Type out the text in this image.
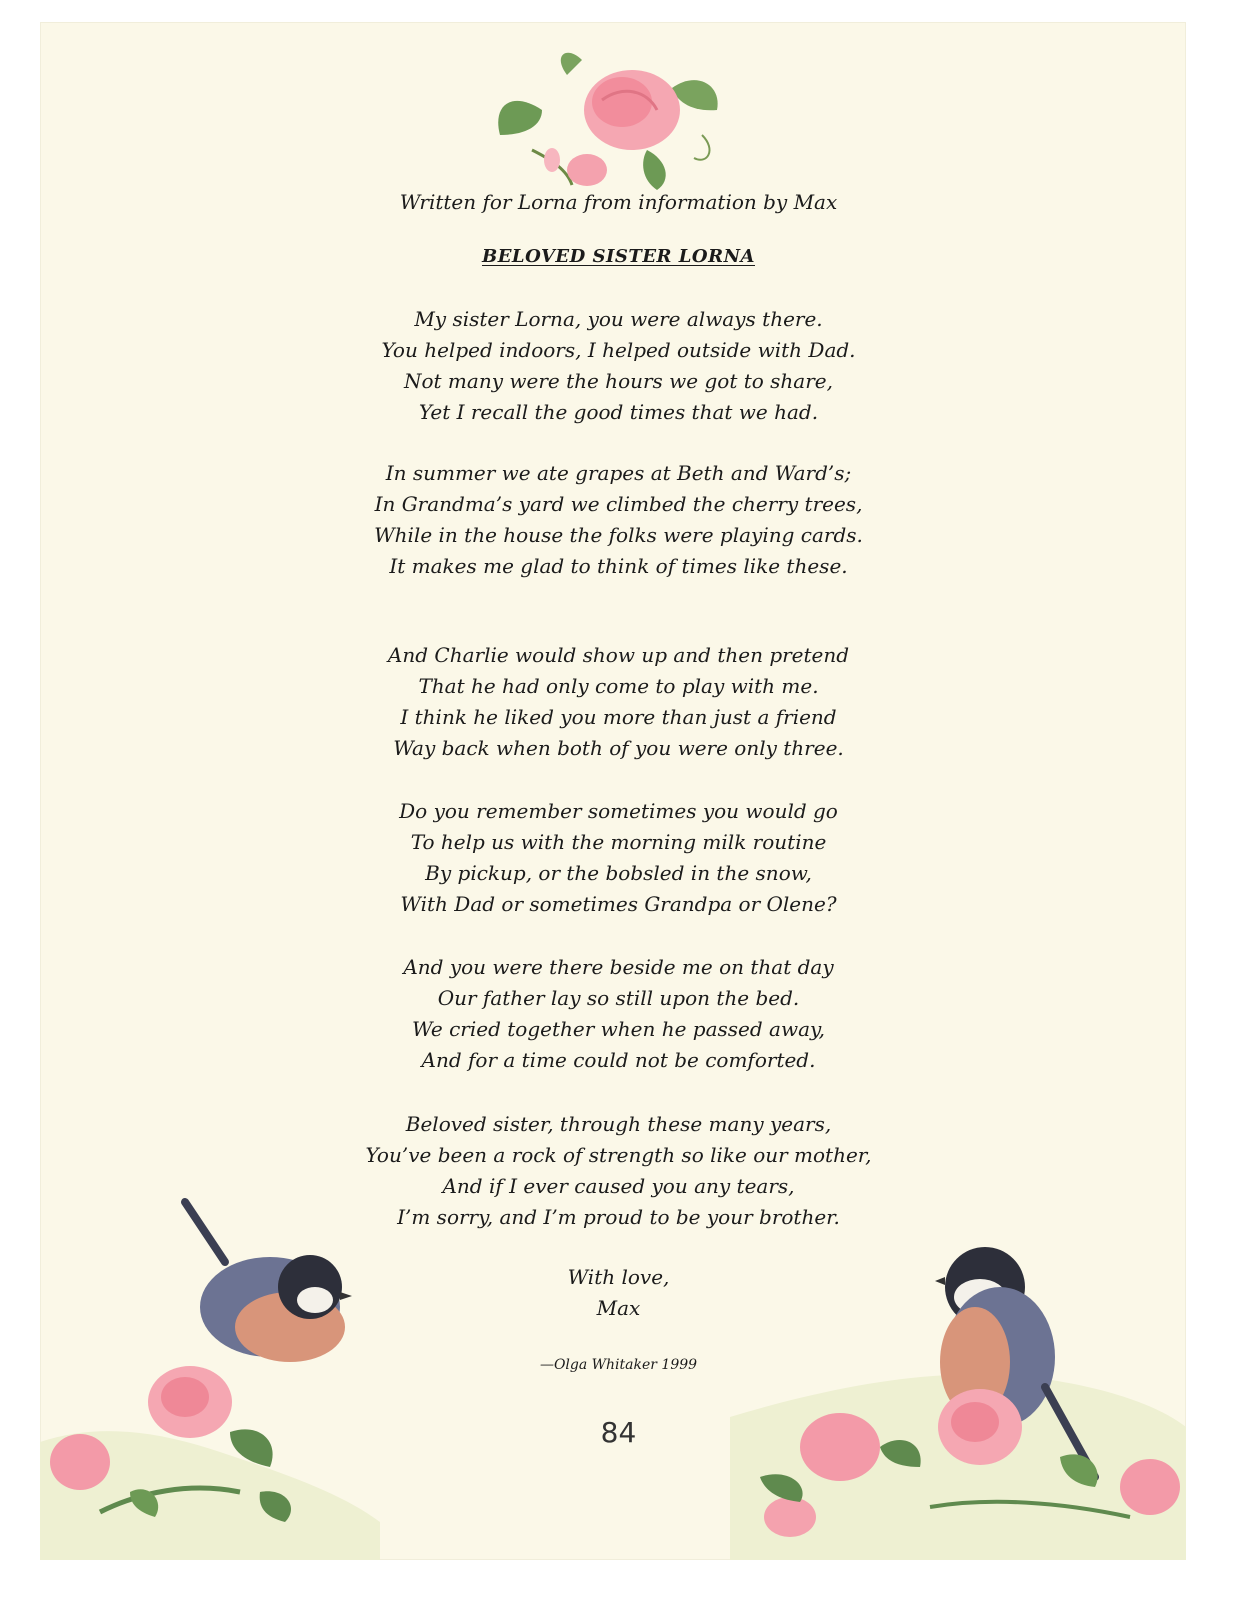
Written for Lorna from information by Max
BELOVED SISTER LORNA
My sister Lorna, you were always there.
You helped indoors, I helped outside with Dad.
Not many were the hours we got to share,
Yet I recall the good times that we had.
In summer we ate grapes at Beth and Ward’s;
In Grandma’s yard we climbed the cherry trees,
While in the house the folks were playing cards.
It makes me glad to think of times like these.
And Charlie would show up and then pretend
That he had only come to play with me.
I think he liked you more than just a friend
Way back when both of you were only three.
Do you remember sometimes you would go
To help us with the morning milk routine
By pickup, or the bobsled in the snow,
With Dad or sometimes Grandpa or Olene?
And you were there beside me on that day
Our father lay so still upon the bed.
We cried together when he passed away,
And for a time could not be comforted.
Beloved sister, through these many years,
You’ve been a rock of strength so like our mother,
And if I ever caused you any tears,
I’m sorry, and I’m proud to be your brother.
With love,
Max
—Olga Whitaker 1999
84
